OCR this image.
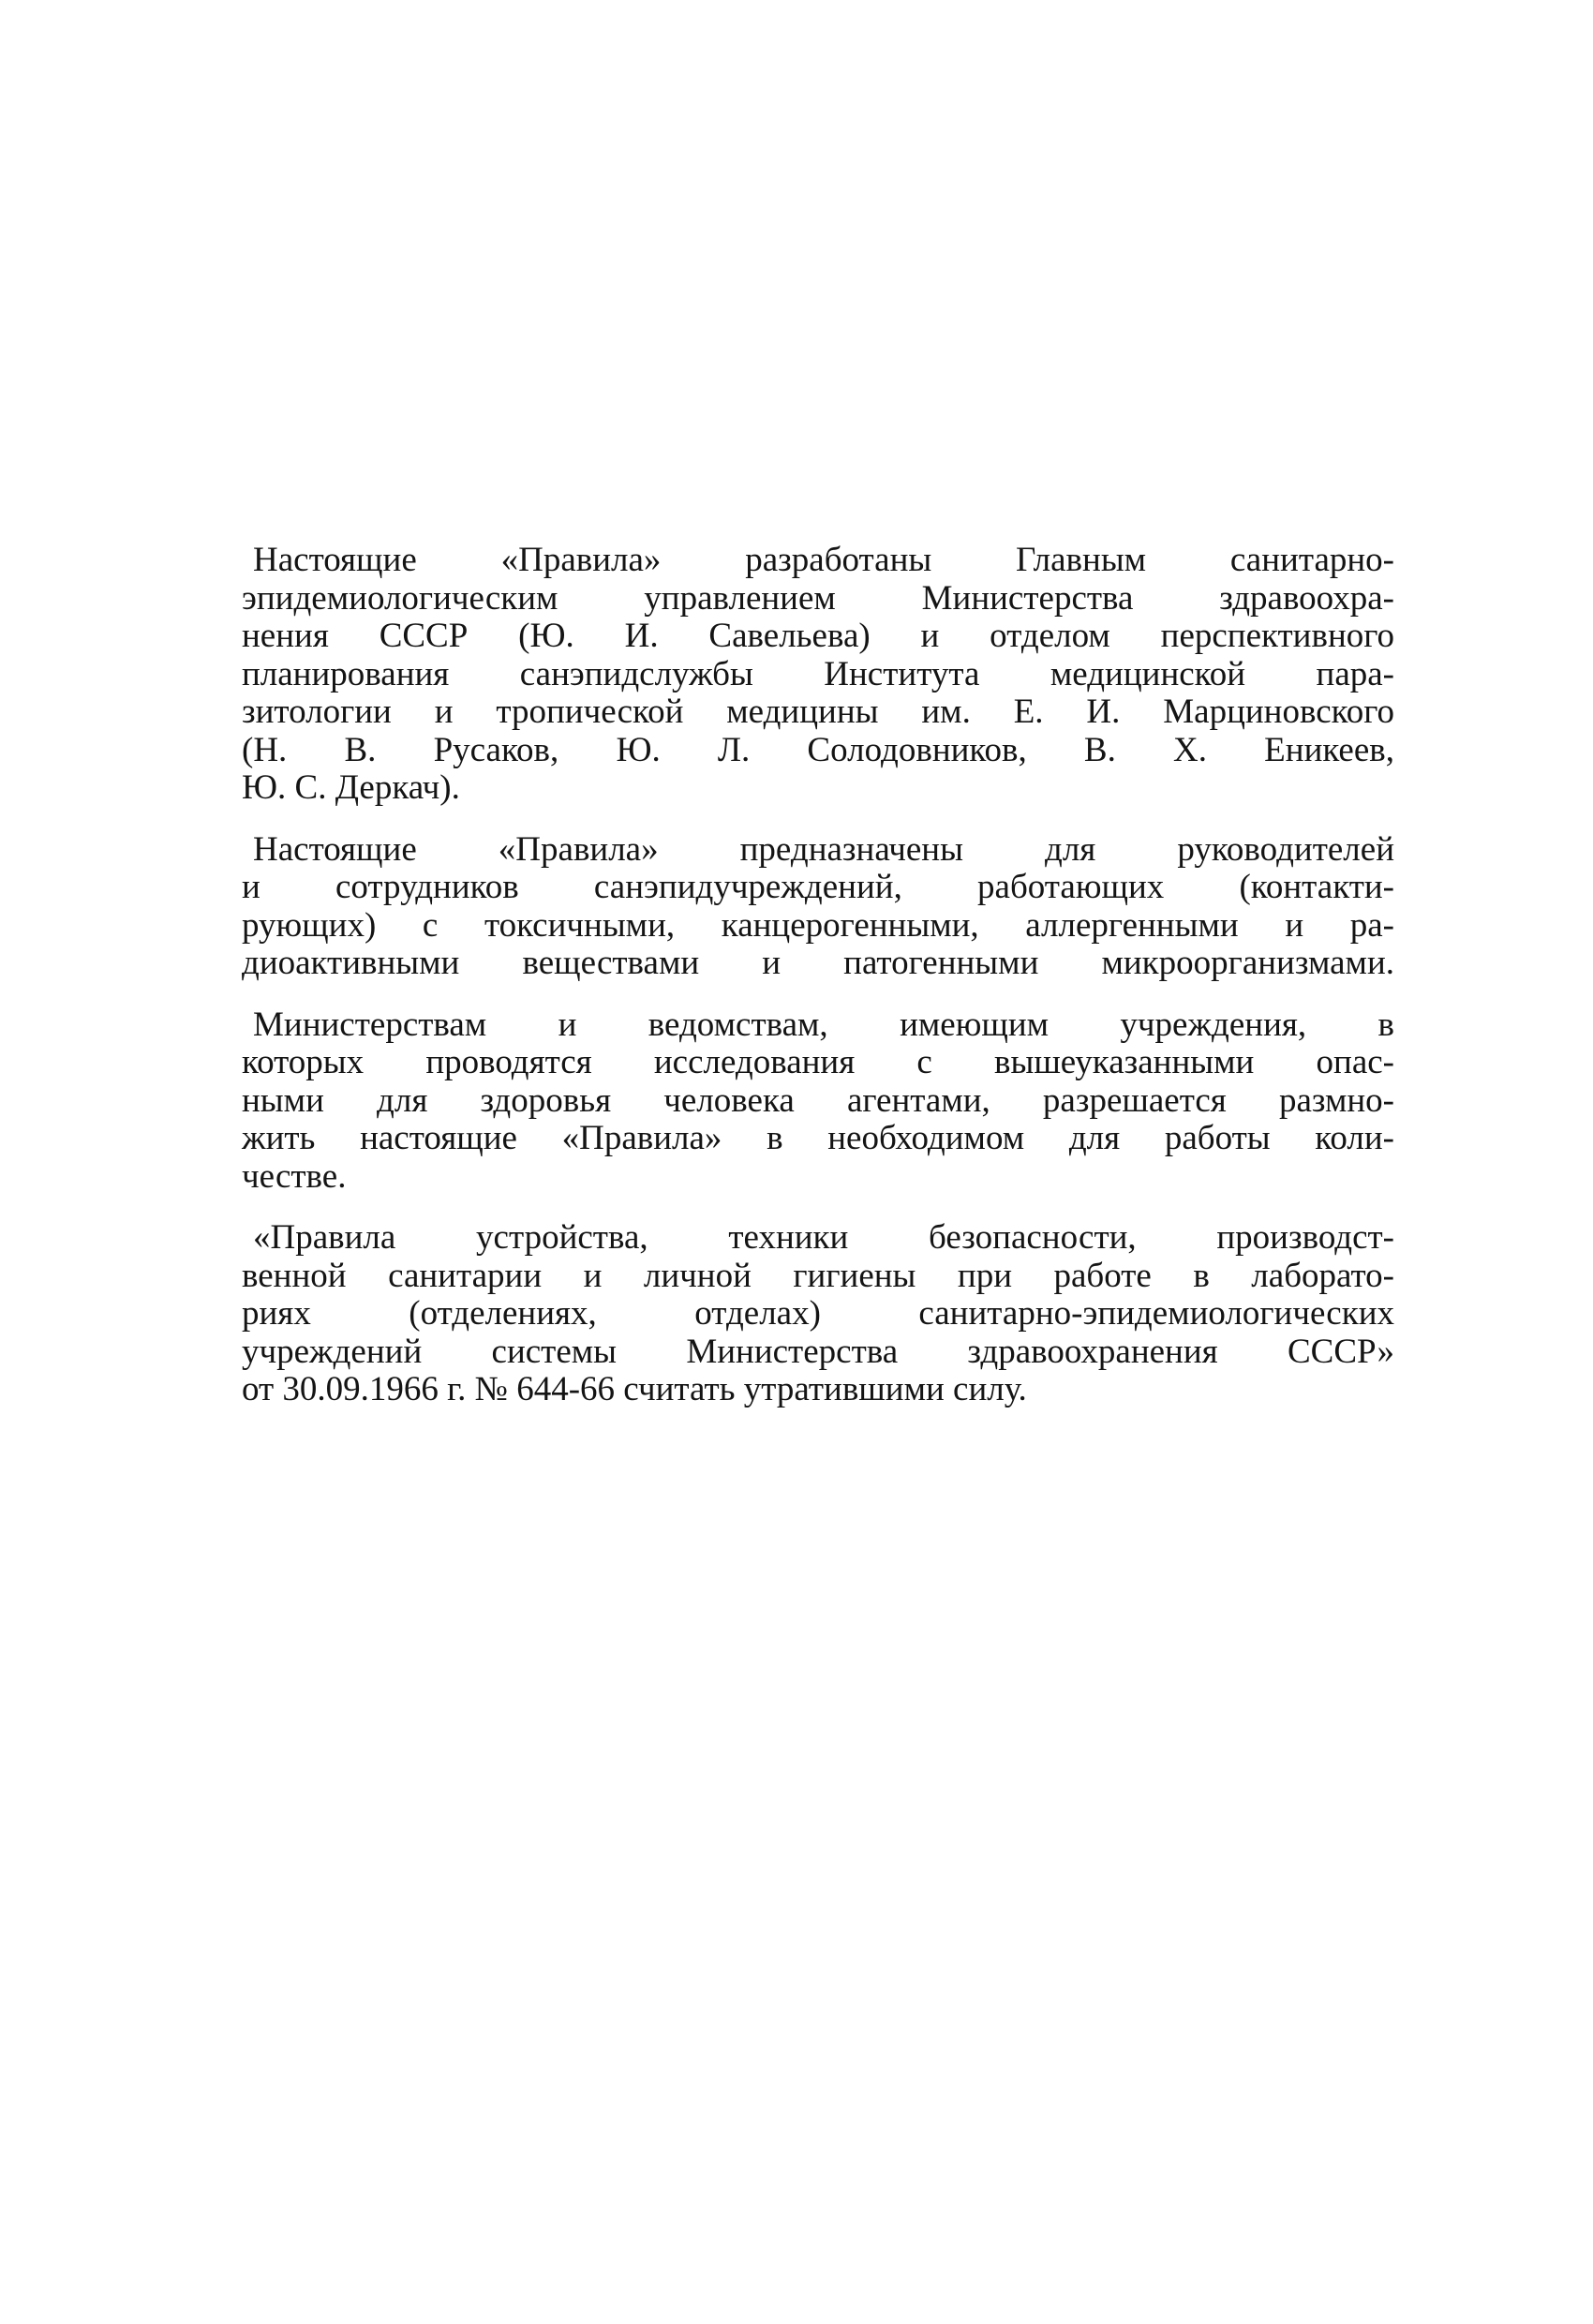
Настоящие «Правила» разработаны Главным санитарно-
эпидемиологическим управлением Министерства здравоохра-
нения СССР (Ю. И. Савельева) и отделом перспективного
планирования санэпидслужбы Института медицинской пара-
зитологии и тропической медицины им. Е. И. Марциновского
(Н. В. Русаков, Ю. Л. Солодовников, В. Х. Еникеев,
Ю. С. Деркач).

Настоящие «Правила» предназначены для руководителей
и сотрудников санэпидучреждений, работающих (контакти-
рующих) с токсичными, канцерогенными, аллергенными и ра-
диоактивными веществами и патогенными микроорганизмами.

Министерствам и ведомствам, имеющим учреждения, в
которых проводятся исследования с вышеуказанными опас-
ными для здоровья человека агентами, разрешается размно-
жить настоящие «Правила» в необходимом для работы коли-
честве.

«Правила устройства, техники безопасности, производст-
венной санитарии и личной гигиены при работе в лаборато-
риях (отделениях, отделах) санитарно-эпидемиологических
учреждений системы Министерства здравоохранения СССР»
от 30.09.1966 г. № 644-66 считать утратившими силу.
